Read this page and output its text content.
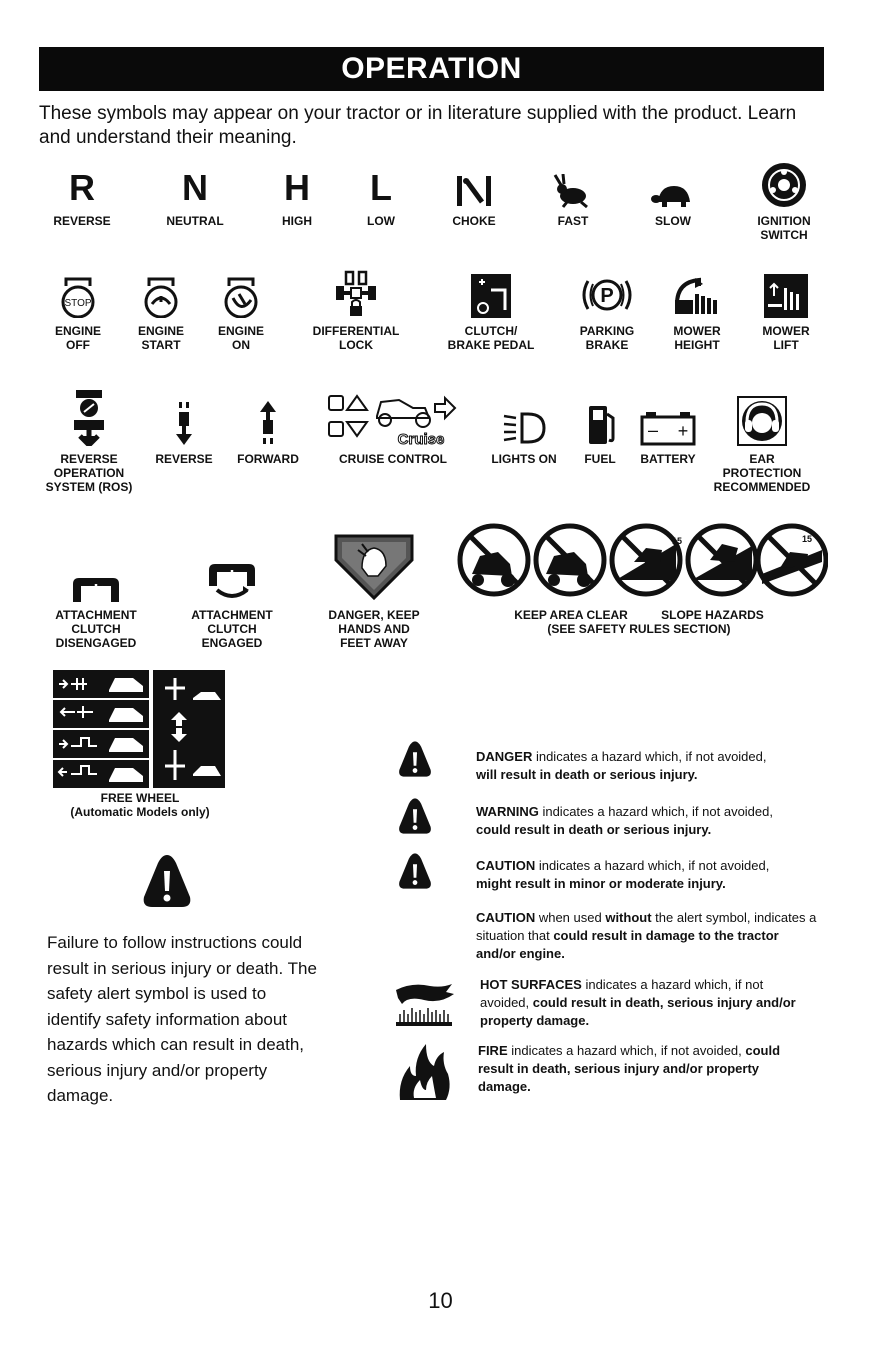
OPERATION
These symbols may appear on your tractor or in literature supplied with the product. Learn and understand their meaning.
R
REVERSE
N
NEUTRAL
H
HIGH
L
LOW	CHOKE	FAST	SLOW	IGNITION
SWITCH
STOP
ENGINE
OFF
ENGINE
START
ENGINE
ON
DIFFERENTIAL
LOCK
CLUTCH/
BRAKE PEDAL
P
PARKING
BRAKE
MOWER
HEIGHT
MOWER
LIFT
REVERSE
OPERATION
SYSTEM (ROS)
REVERSE	FORWARD
Cruise
CRUISE CONTROL	LIGHTS ON	FUEL
– +
BATTERY	EAR
PROTECTION
RECOMMENDED
ATTACHMENT
CLUTCH
DISENGAGED
ATTACHMENT
CLUTCH
ENGAGED
DANGER, KEEP
HANDS AND
FEET AWAY
15	15
KEEP AREA CLEAR          SLOPE HAZARDS
(SEE SAFETY RULES SECTION)
FREE WHEEL
(Automatic Models only)
Failure to follow instructions could result in serious injury or death. The safety alert symbol is used to identify safety information about hazards which can result in death, serious injury and/or property damage.
DANGER indicates a hazard which, if not avoided,
will result in death or serious injury.
WARNING indicates a hazard which, if not avoided,
could result in death or serious injury.
CAUTION indicates a hazard which, if not avoided,
might result in minor or moderate injury.
CAUTION when used without the alert symbol, indicates a situation that could result in damage to the tractor and/or engine.
HOT SURFACES indicates a hazard which, if not avoided, could result in death, serious injury and/or property damage.
FIRE indicates a hazard which, if not avoided, could result in death, serious injury and/or property damage.
10
